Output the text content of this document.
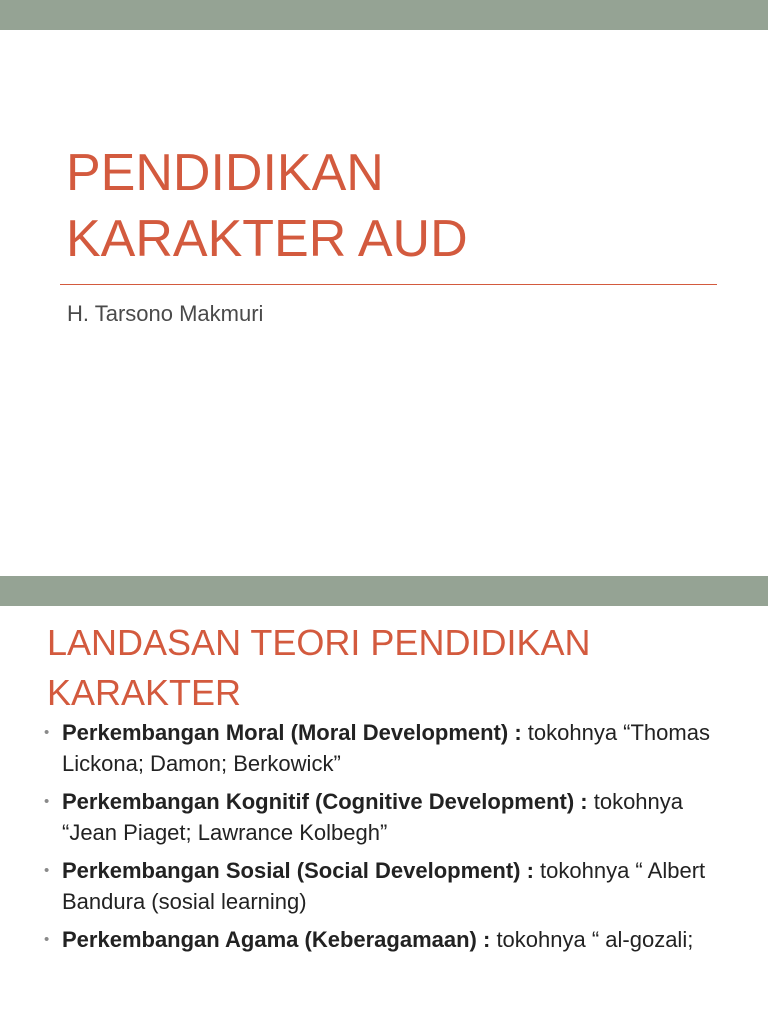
PENDIDIKAN
KARAKTER AUD
H. Tarsono Makmuri
LANDASAN TEORI PENDIDIKAN
KARAKTER
• Perkembangan Moral (Moral Development) : tokohnya “Thomas Lickona; Damon; Berkowick”
• Perkembangan Kognitif (Cognitive Development) : tokohnya “Jean Piaget; Lawrance Kolbegh”
• Perkembangan Sosial (Social Development) : tokohnya “ Albert Bandura (sosial learning)
• Perkembangan Agama (Keberagamaan) : tokohnya “ al-gozali;
